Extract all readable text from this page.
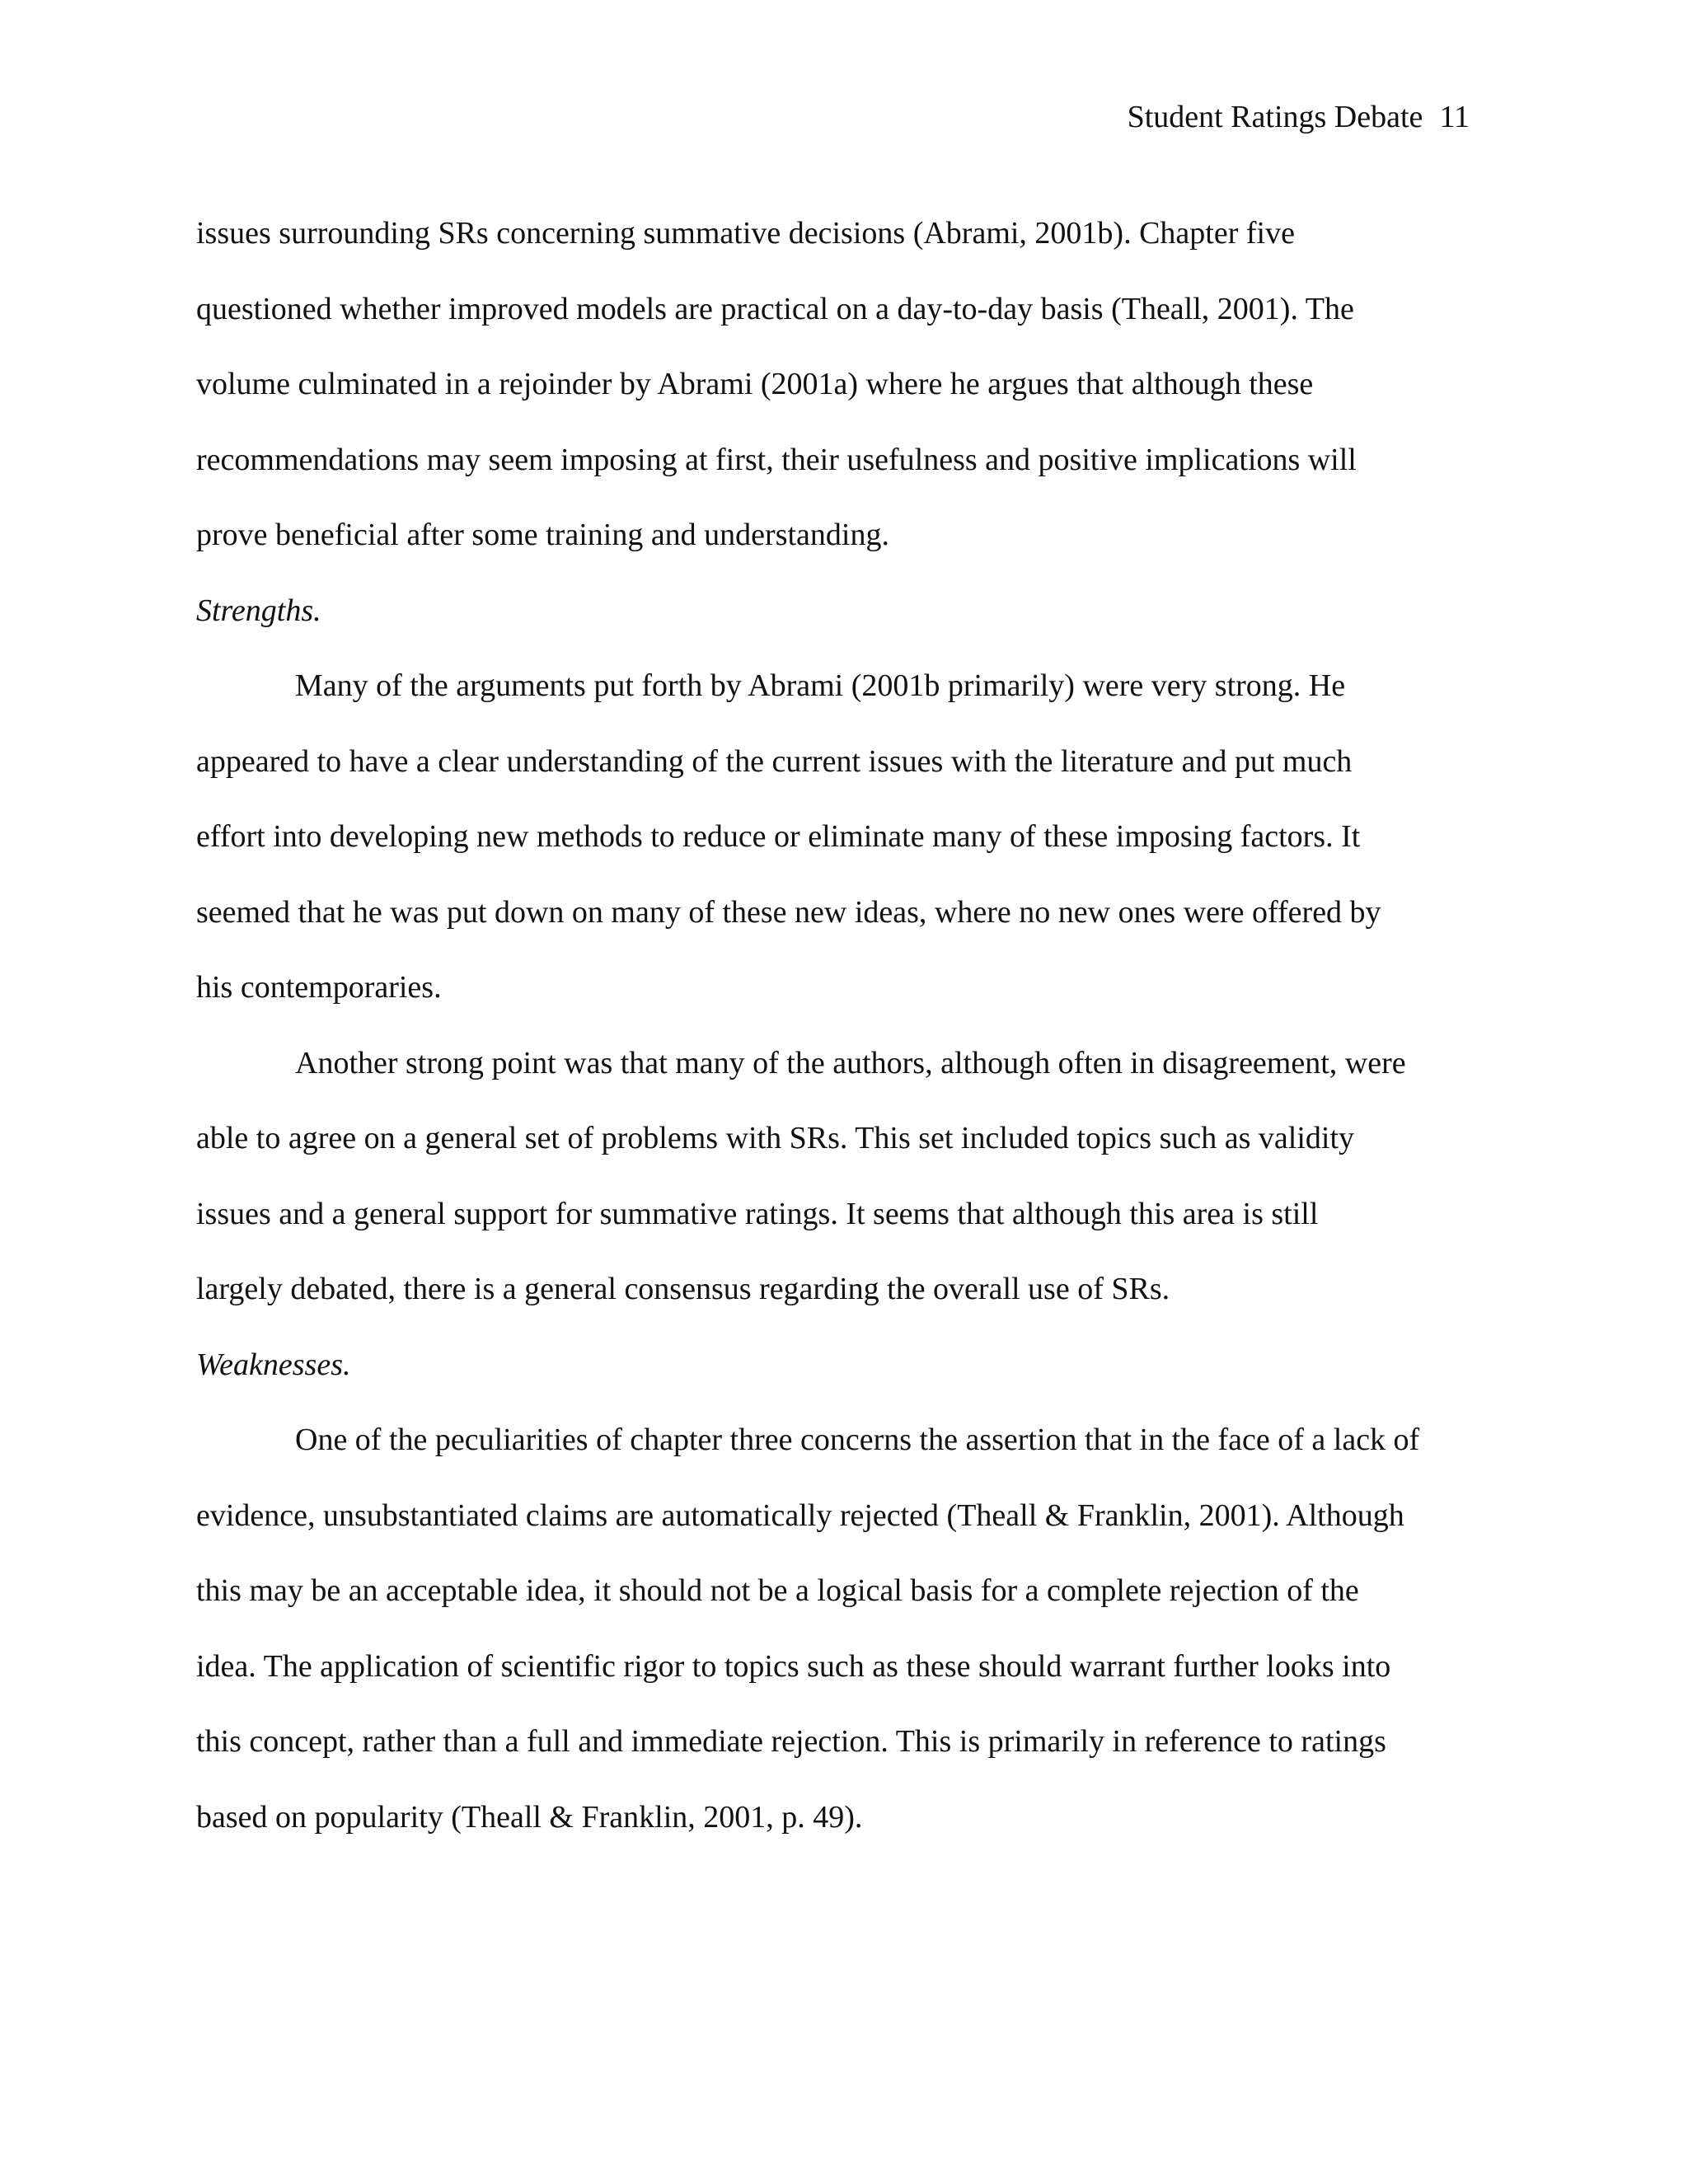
Student Ratings Debate 11
issues surrounding SRs concerning summative decisions (Abrami, 2001b). Chapter five
questioned whether improved models are practical on a day-to-day basis (Theall, 2001). The
volume culminated in a rejoinder by Abrami (2001a) where he argues that although these
recommendations may seem imposing at first, their usefulness and positive implications will
prove beneficial after some training and understanding.
Strengths.
Many of the arguments put forth by Abrami (2001b primarily) were very strong. He
appeared to have a clear understanding of the current issues with the literature and put much
effort into developing new methods to reduce or eliminate many of these imposing factors. It
seemed that he was put down on many of these new ideas, where no new ones were offered by
his contemporaries.
Another strong point was that many of the authors, although often in disagreement, were
able to agree on a general set of problems with SRs. This set included topics such as validity
issues and a general support for summative ratings. It seems that although this area is still
largely debated, there is a general consensus regarding the overall use of SRs.
Weaknesses.
One of the peculiarities of chapter three concerns the assertion that in the face of a lack of
evidence, unsubstantiated claims are automatically rejected (Theall & Franklin, 2001). Although
this may be an acceptable idea, it should not be a logical basis for a complete rejection of the
idea. The application of scientific rigor to topics such as these should warrant further looks into
this concept, rather than a full and immediate rejection. This is primarily in reference to ratings
based on popularity (Theall & Franklin, 2001, p. 49).
